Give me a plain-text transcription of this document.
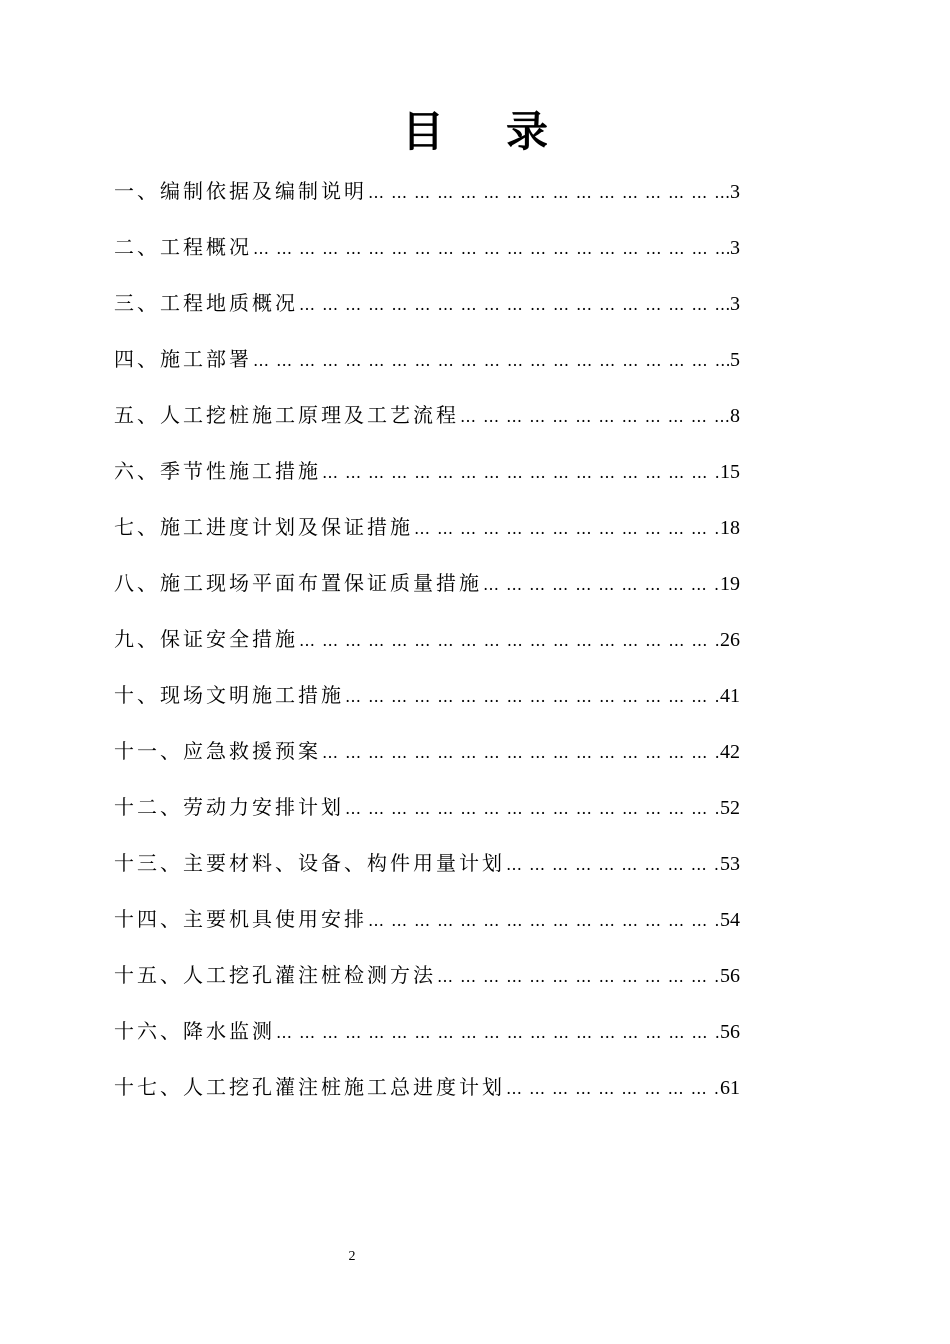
目 录
一、编制依据及编制说明 … … … … … … … … … … … … … … … … … … … … … … … … … … … … … … … … … … … … … … … … … … … … … … … … … … … … … … … …	3
二、工程概况 … … … … … … … … … … … … … … … … … … … … … … … … … … … … … … … … … … … … … … … … … … … … … … … … … … … … … … … …	3
三、工程地质概况 … … … … … … … … … … … … … … … … … … … … … … … … … … … … … … … … … … … … … … … … … … … … … … … … … … … … … … … …	3
四、施工部署 … … … … … … … … … … … … … … … … … … … … … … … … … … … … … … … … … … … … … … … … … … … … … … … … … … … … … … … …	5
五、人工挖桩施工原理及工艺流程 … … … … … … … … … … … … … … … … … … … … … … … … … … … … … … … … … … … … … … … … … … … … … … … … … … … … … … … …	8
六、季节性施工措施 … … … … … … … … … … … … … … … … … … … … … … … … … … … … … … … … … … … … … … … … … … … … … … … … … … … … … … … …	15
七、施工进度计划及保证措施 … … … … … … … … … … … … … … … … … … … … … … … … … … … … … … … … … … … … … … … … … … … … … … … … … … … … … … … …	18
八、施工现场平面布置保证质量措施 … … … … … … … … … … … … … … … … … … … … … … … … … … … … … … … … … … … … … … … … … … … … … … … … … … … … … … … …	19
九、保证安全措施 … … … … … … … … … … … … … … … … … … … … … … … … … … … … … … … … … … … … … … … … … … … … … … … … … … … … … … … …	26
十、现场文明施工措施 … … … … … … … … … … … … … … … … … … … … … … … … … … … … … … … … … … … … … … … … … … … … … … … … … … … … … … … …	41
十一、应急救援预案 … … … … … … … … … … … … … … … … … … … … … … … … … … … … … … … … … … … … … … … … … … … … … … … … … … … … … … … …	42
十二、劳动力安排计划 … … … … … … … … … … … … … … … … … … … … … … … … … … … … … … … … … … … … … … … … … … … … … … … … … … … … … … … …	52
十三、主要材料、设备、构件用量计划 … … … … … … … … … … … … … … … … … … … … … … … … … … … … … … … … … … … … … … … … … … … … … … … … … … … … … … … …	53
十四、主要机具使用安排 … … … … … … … … … … … … … … … … … … … … … … … … … … … … … … … … … … … … … … … … … … … … … … … … … … … … … … … …	54
十五、人工挖孔灌注桩检测方法 … … … … … … … … … … … … … … … … … … … … … … … … … … … … … … … … … … … … … … … … … … … … … … … … … … … … … … … …	56
十六、降水监测 … … … … … … … … … … … … … … … … … … … … … … … … … … … … … … … … … … … … … … … … … … … … … … … … … … … … … … … …	56
十七、人工挖孔灌注桩施工总进度计划 … … … … … … … … … … … … … … … … … … … … … … … … … … … … … … … … … … … … … … … … … … … … … … … … … … … … … … … …	61
2
